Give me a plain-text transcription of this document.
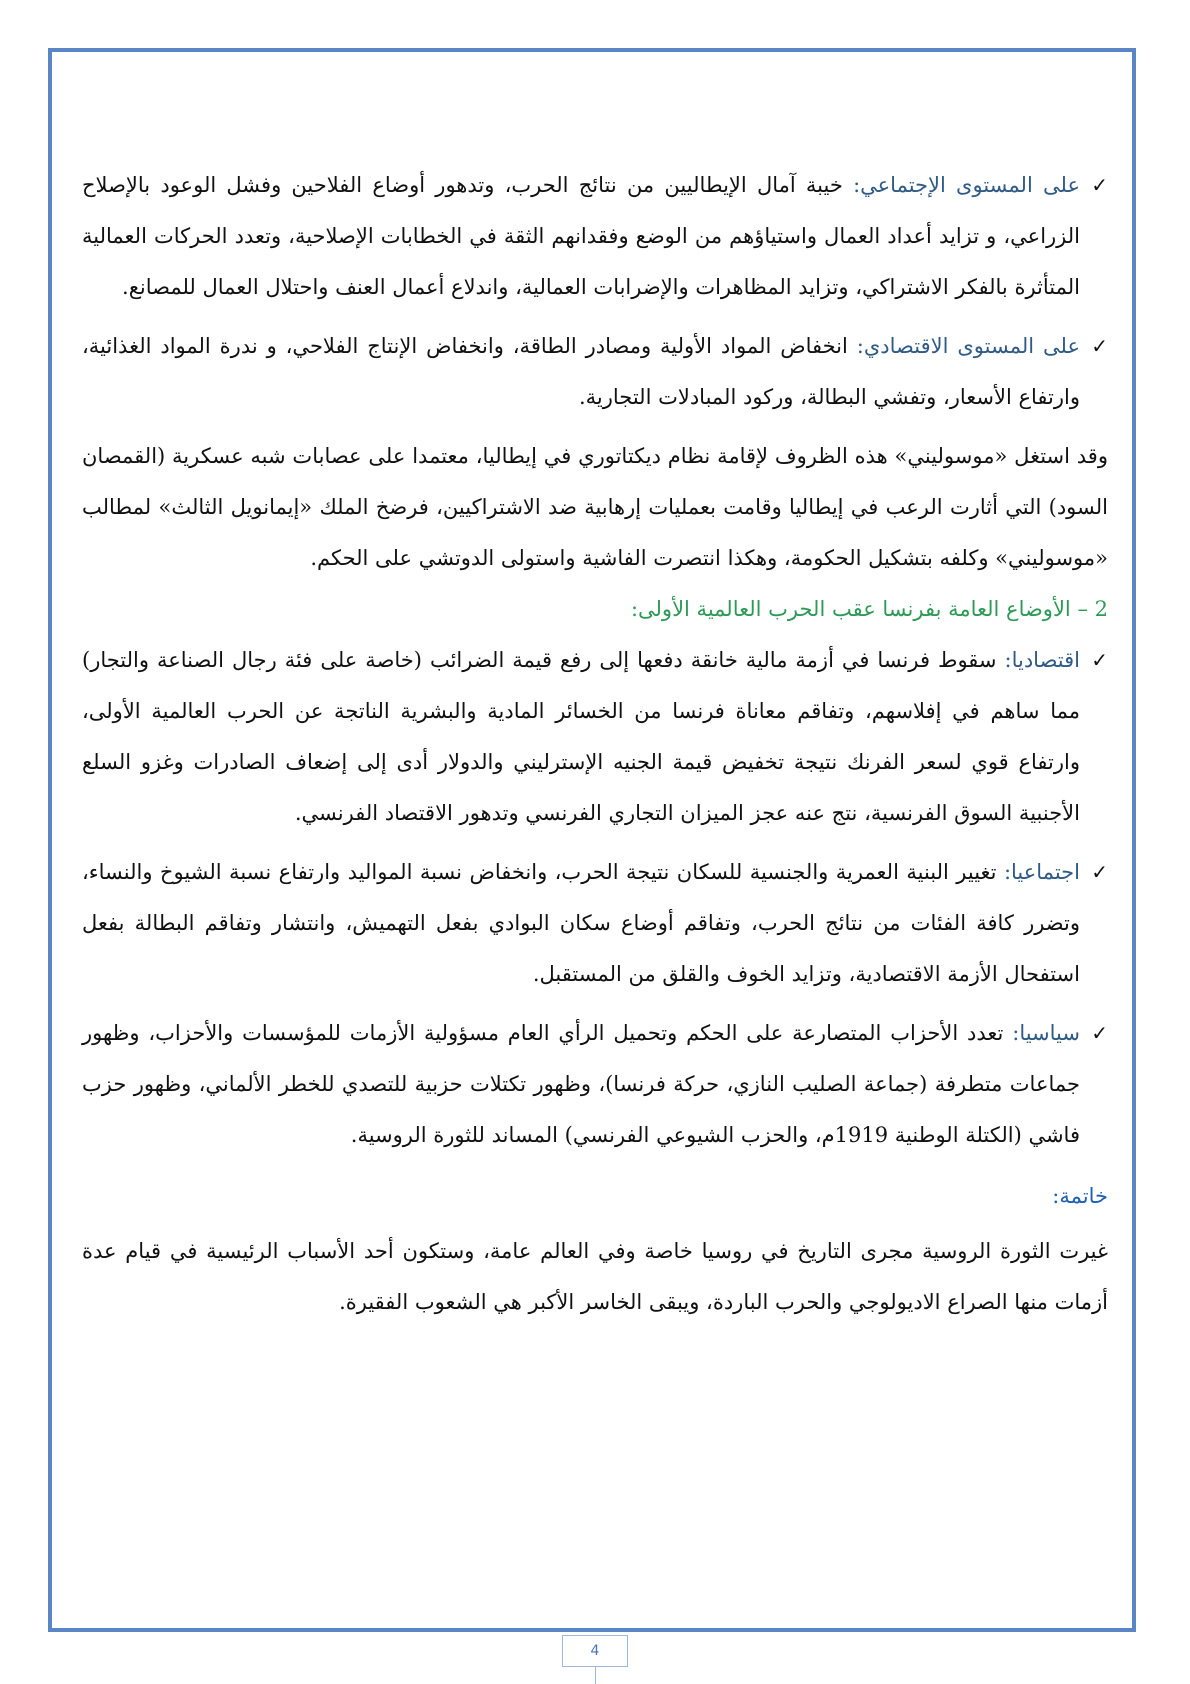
✓
على المستوى الإجتماعي: خيبة آمال الإيطاليين من نتائج الحرب، وتدهور أوضاع الفلاحين وفشل الوعود بالإصلاح الزراعي، و تزايد أعداد العمال واستياؤهم من الوضع وفقدانهم الثقة في الخطابات الإصلاحية، وتعدد الحركات العمالية المتأثرة بالفكر الاشتراكي، وتزايد المظاهرات والإضرابات العمالية، واندلاع أعمال العنف واحتلال العمال للمصانع.
✓
على المستوى الاقتصادي: انخفاض المواد الأولية ومصادر الطاقة، وانخفاض الإنتاج الفلاحي، و ندرة المواد الغذائية، وارتفاع الأسعار، وتفشي البطالة، وركود المبادلات التجارية.

وقد استغل «موسوليني» هذه الظروف لإقامة نظام ديكتاتوري في إيطاليا، معتمدا على عصابات شبه عسكرية (القمصان السود) التي أثارت الرعب في إيطاليا وقامت بعمليات إرهابية ضد الاشتراكيين، فرضخ الملك «إيمانويل الثالث» لمطالب «موسوليني» وكلفه بتشكيل الحكومة، وهكذا انتصرت الفاشية واستولى الدوتشي على الحكم.

2 – الأوضاع العامة بفرنسا عقب الحرب العالمية الأولى:

✓
اقتصاديا: سقوط فرنسا في أزمة مالية خانقة دفعها إلى رفع قيمة الضرائب (خاصة على فئة رجال الصناعة والتجار) مما ساهم في إفلاسهم، وتفاقم معاناة فرنسا من الخسائر المادية والبشرية الناتجة عن الحرب العالمية الأولى، وارتفاع قوي لسعر الفرنك نتيجة تخفيض قيمة الجنيه الإسترليني والدولار أدى إلى إضعاف الصادرات وغزو السلع الأجنبية السوق الفرنسية، نتج عنه عجز الميزان التجاري الفرنسي وتدهور الاقتصاد الفرنسي.
✓
اجتماعيا: تغيير البنية العمرية والجنسية للسكان نتيجة الحرب، وانخفاض نسبة المواليد وارتفاع نسبة الشيوخ والنساء، وتضرر كافة الفئات من نتائج الحرب، وتفاقم أوضاع سكان البوادي بفعل التهميش، وانتشار وتفاقم البطالة بفعل استفحال الأزمة الاقتصادية، وتزايد الخوف والقلق من المستقبل.
✓
سياسيا: تعدد الأحزاب المتصارعة على الحكم وتحميل الرأي العام مسؤولية الأزمات للمؤسسات والأحزاب، وظهور جماعات متطرفة (جماعة الصليب النازي، حركة فرنسا)، وظهور تكتلات حزبية للتصدي للخطر الألماني، وظهور حزب فاشي (الكتلة الوطنية 1919م، والحزب الشيوعي الفرنسي) المساند للثورة الروسية.

خاتمة:

غيرت الثورة الروسية مجرى التاريخ في روسيا خاصة وفي العالم عامة، وستكون أحد الأسباب الرئيسية في قيام عدة أزمات منها الصراع الاديولوجي والحرب الباردة، ويبقى الخاسر الأكبر هي الشعوب الفقيرة.

4
